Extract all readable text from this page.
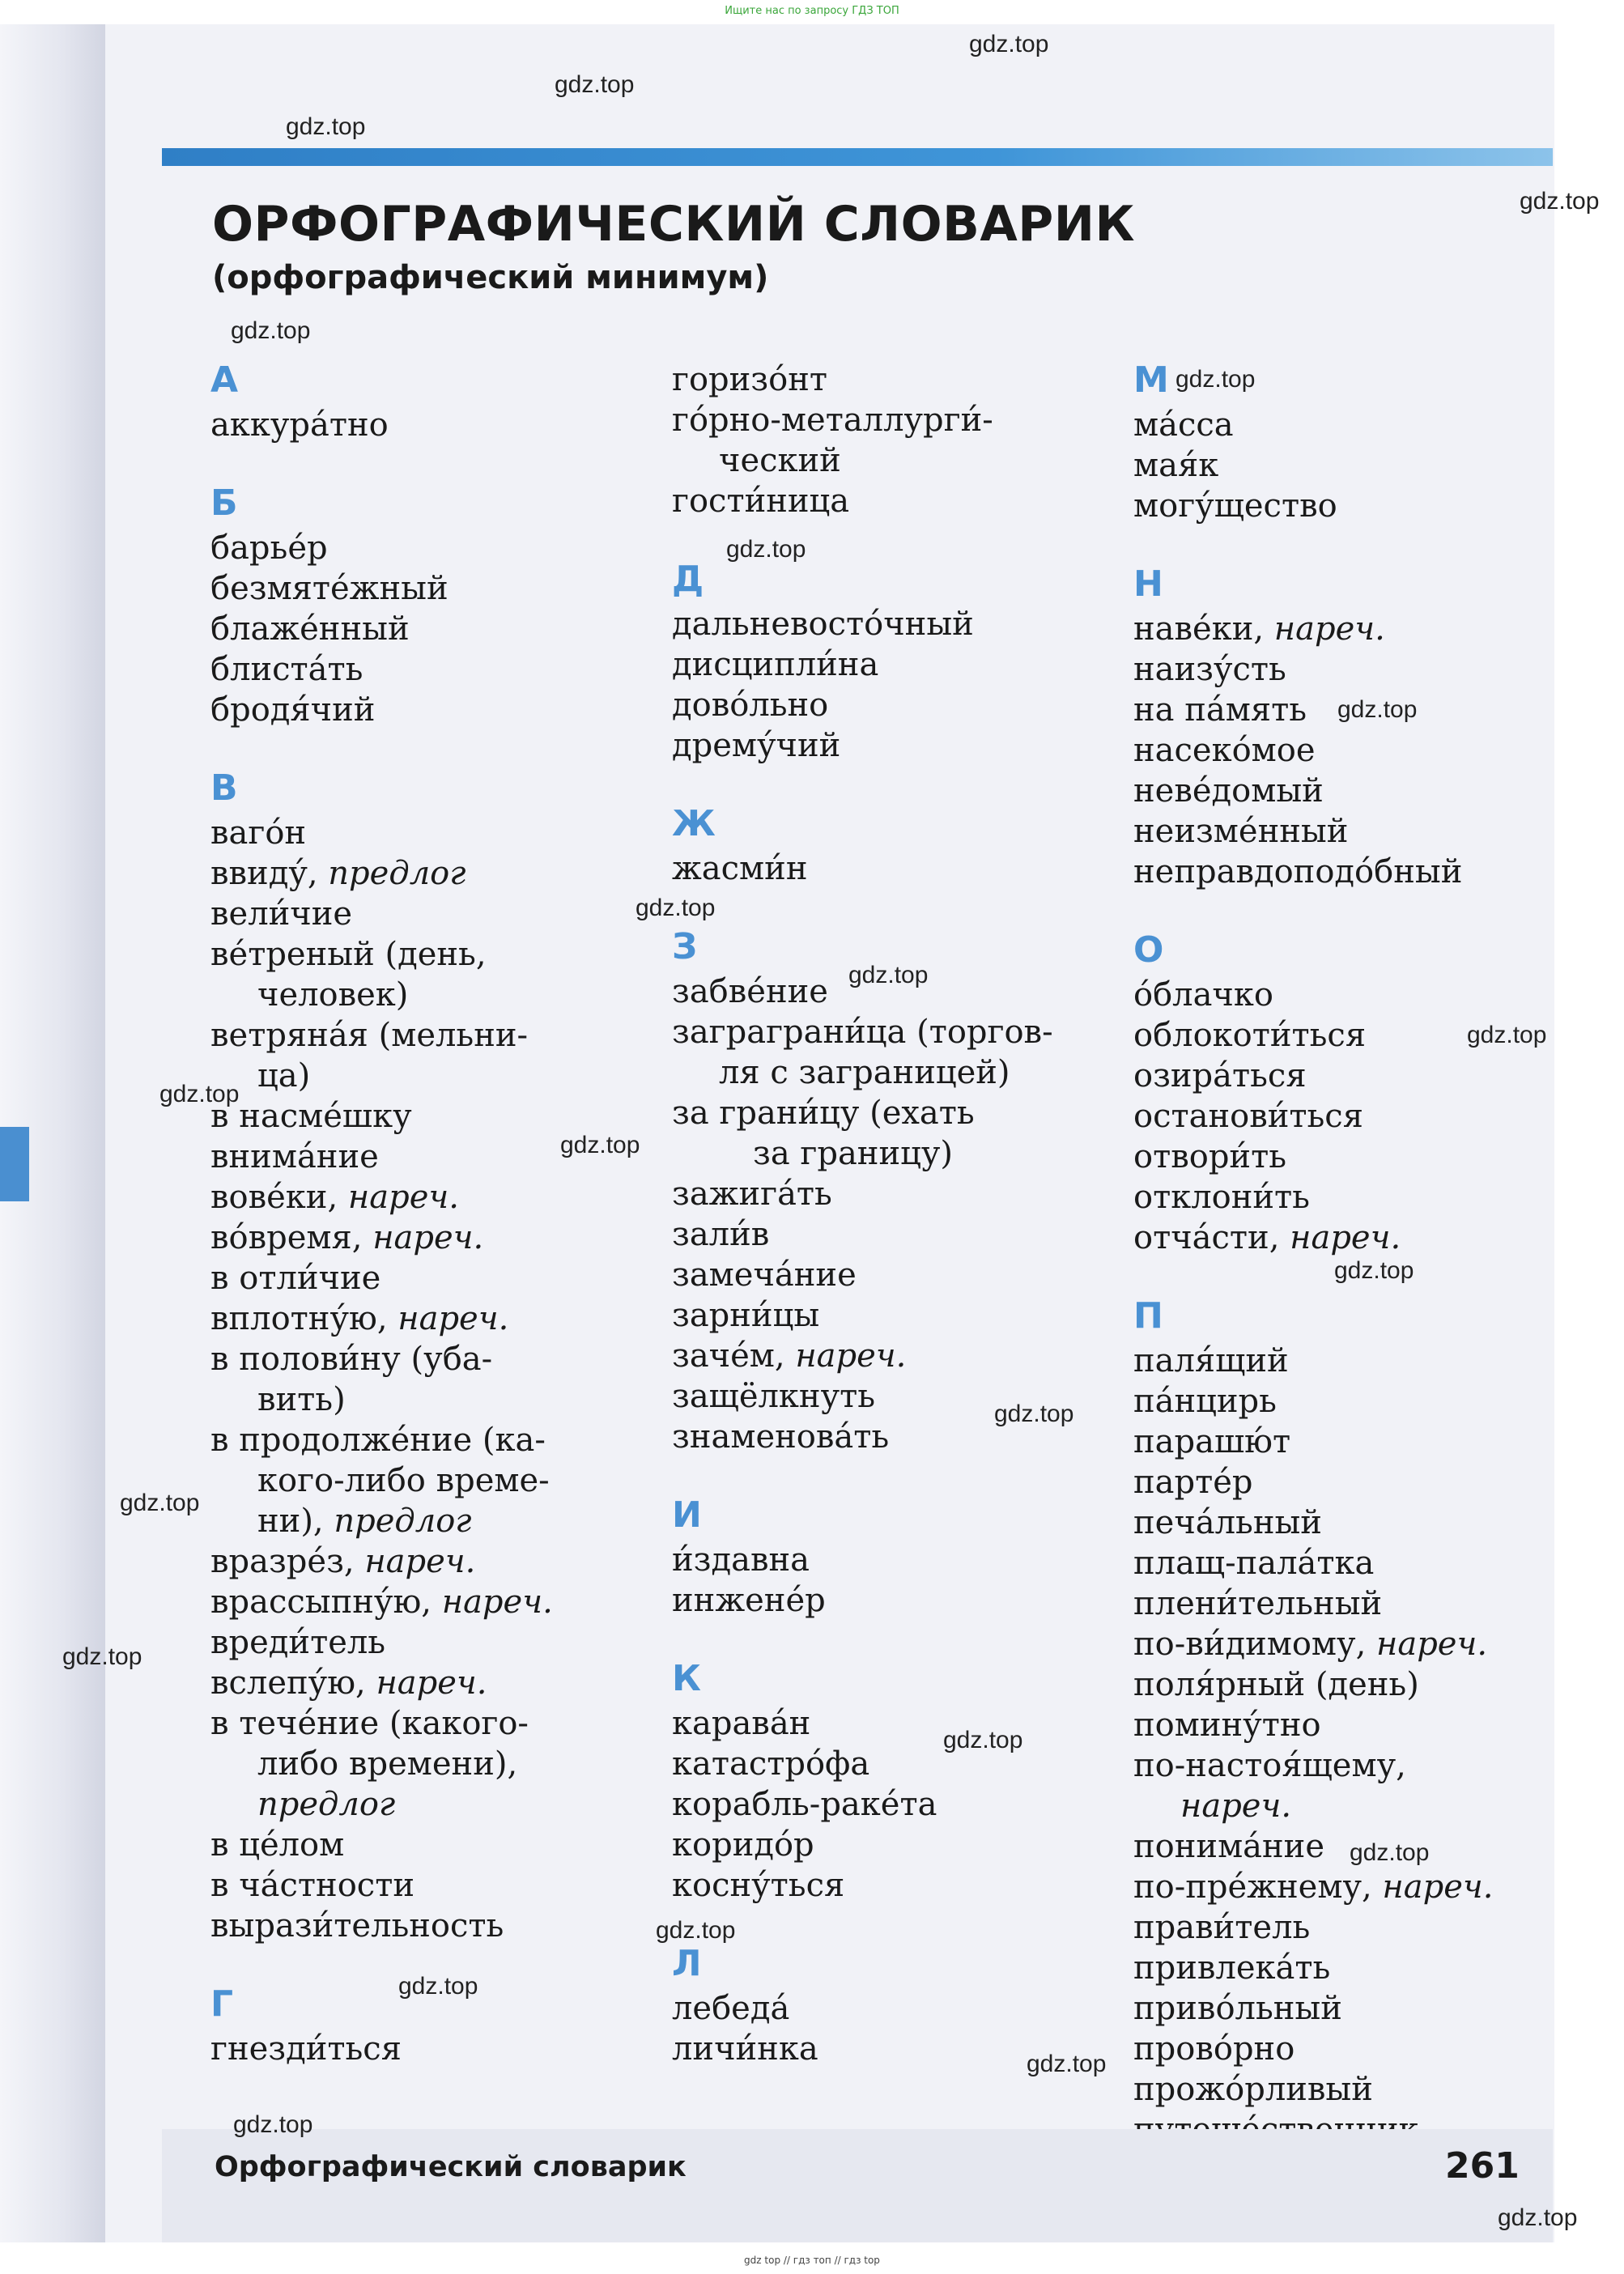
Ищите нас по запросу ГДЗ ТОП
ОРФОГРАФИЧЕСКИЙ СЛОВАРИК
(орфографический минимум)
А
аккура́тно
Б
барье́р
безмяте́жный
блаже́нный
блиста́ть
бродя́чий
В
ваго́н
ввиду́, предлог
вели́чие
ве́треный (день,
человек)
ветряна́я (мельни-
ца)
в насме́шку
внима́ние
вове́ки, нареч.
во́время, нареч.
в отли́чие
вплотну́ю, нареч.
в полови́ну (уба-
вить)
в продолже́ние (ка-
кого-либо време-
ни), предлог
вразре́з, нареч.
врассыпну́ю, нареч.
вреди́тель
вслепу́ю, нареч.
в тече́ние (какого-
либо времени),
предлог
в це́лом
в ча́стности
вырази́тельность
Г
гнезди́ться
горизо́нт
го́рно-металлурги́-
ческий
гости́ница
Д
дальневосто́чный
дисципли́на
дово́льно
дрему́чий
Ж
жасми́н
З
забве́ние
заграграни́ца (торгов-
ля с заграницей)
за грани́цу (ехать
за границу)
зажига́ть
зали́в
замеча́ние
зарни́цы
заче́м, нареч.
защёлкнуть
знаменова́ть
И
и́здавна
инжене́р
К
карава́н
катастро́фа
корабль-раке́та
коридо́р
косну́ться
Л
лебеда́
личи́нка
М
ма́сса
мая́к
могу́щество
Н
наве́ки, нареч.
наизу́сть
на па́мять
насеко́мое
неве́домый
неизме́нный
неправдоподо́бный
О
о́блачко
облокоти́ться
озира́ться
останови́ться
отвори́ть
отклони́ть
отча́сти, нареч.
П
паля́щий
па́нцирь
парашю́т
парте́р
печа́льный
плащ-пала́тка
плени́тельный
по-ви́димому, нареч.
поля́рный (день)
помину́тно
по-настоя́щему,
нареч.
понима́ние
по-пре́жнему, нареч.
прави́тель
привлека́ть
приво́льный
прово́рно
прожо́рливый
Орфографический словарик	261
gdz top // гдз топ // гдз top
gdz.top
gdz.top
gdz.top
gdz.top
gdz.top
gdz.top
gdz.top
gdz.top
gdz.top
gdz.top
gdz.top
gdz.top
gdz.top
gdz.top
gdz.top
gdz.top
gdz.top
gdz.top
gdz.top
gdz.top
gdz.top
gdz.top
gdz.top
gdz.top
